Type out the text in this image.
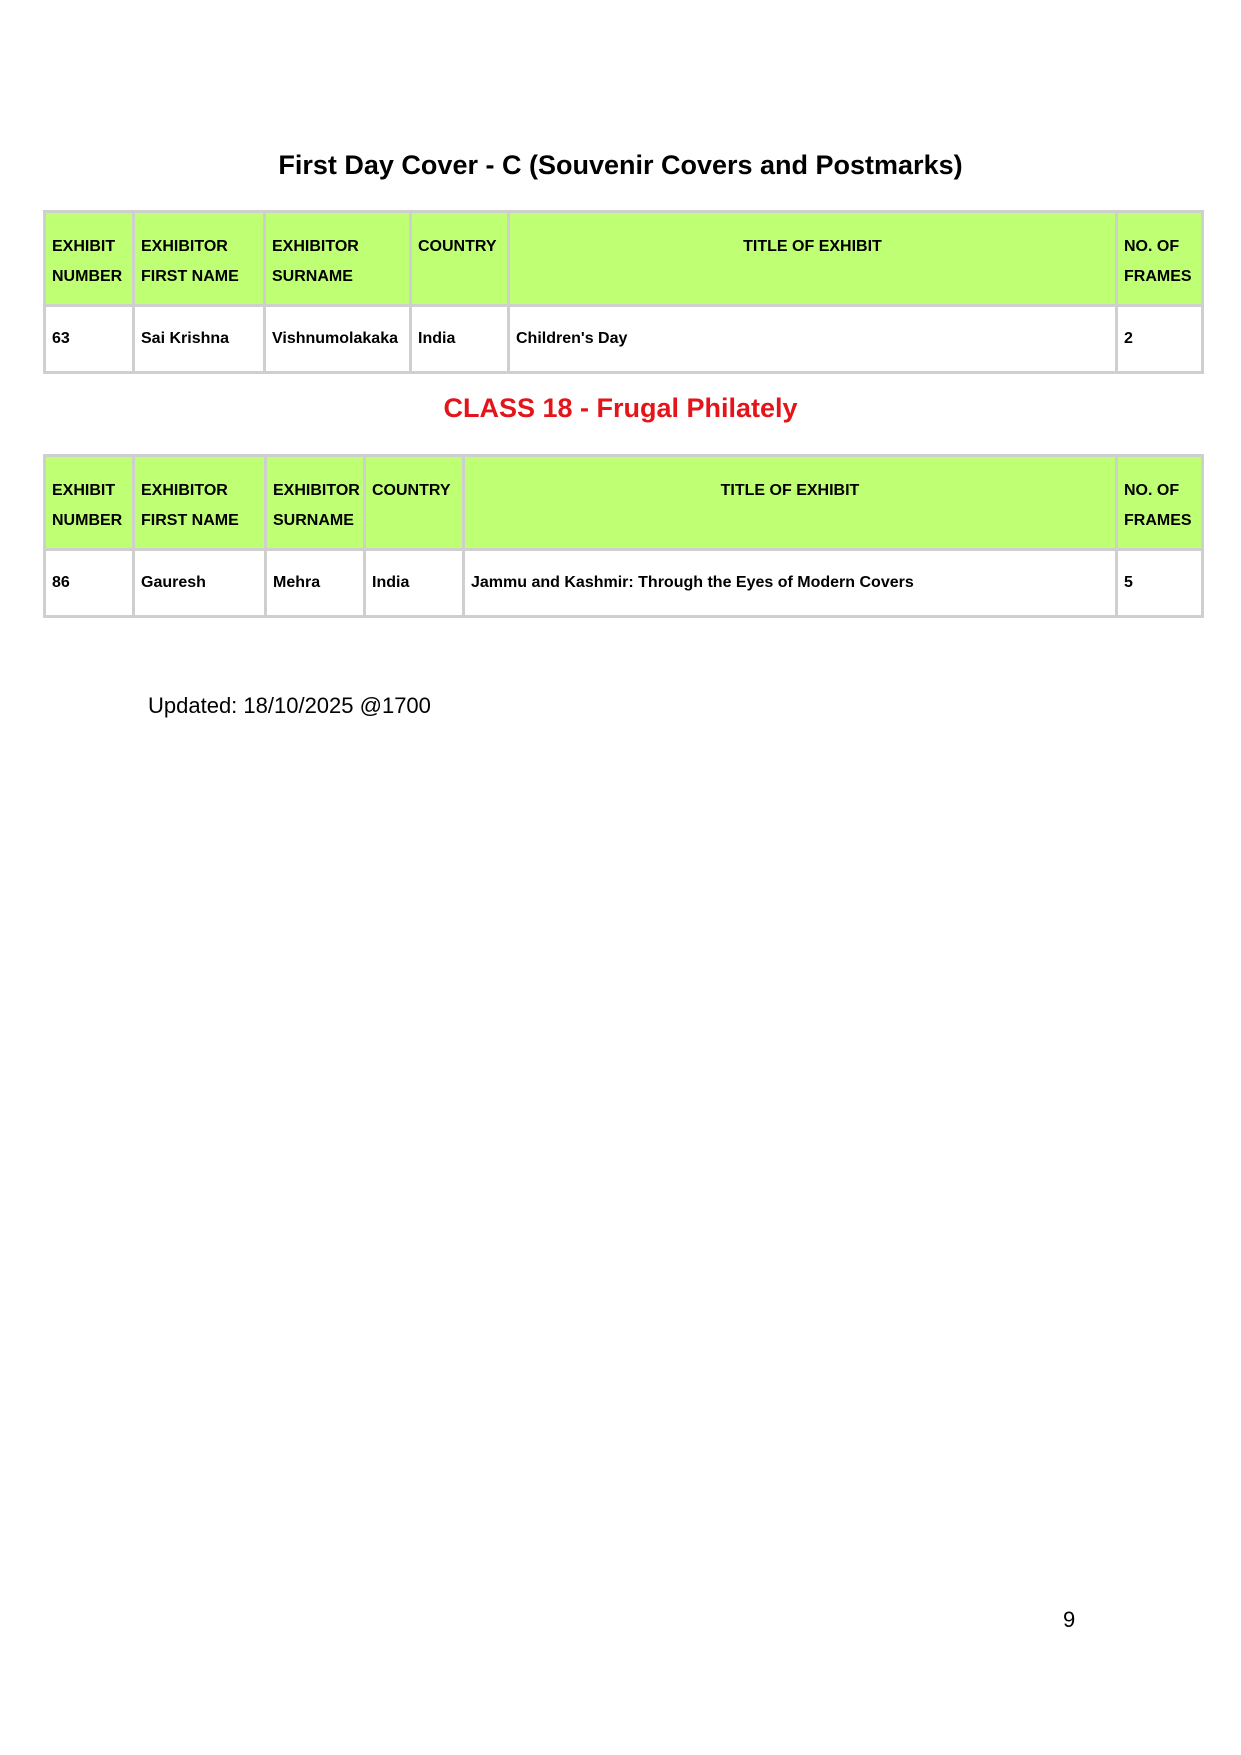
First Day Cover - C (Souvenir Covers and Postmarks)
EXHIBIT NUMBER	EXHIBITOR FIRST NAME	EXHIBITOR SURNAME	COUNTRY	TITLE OF EXHIBIT	NO. OF FRAMES
63	Sai Krishna	Vishnumolakaka	India	Children's Day	2
CLASS 18 - Frugal Philately
EXHIBIT NUMBER	EXHIBITOR FIRST NAME	EXHIBITOR SURNAME	COUNTRY	TITLE OF EXHIBIT	NO. OF FRAMES
86	Gauresh	Mehra	India	Jammu and Kashmir: Through the Eyes of Modern Covers	5

Updated: 18/10/2025 @1700

9
